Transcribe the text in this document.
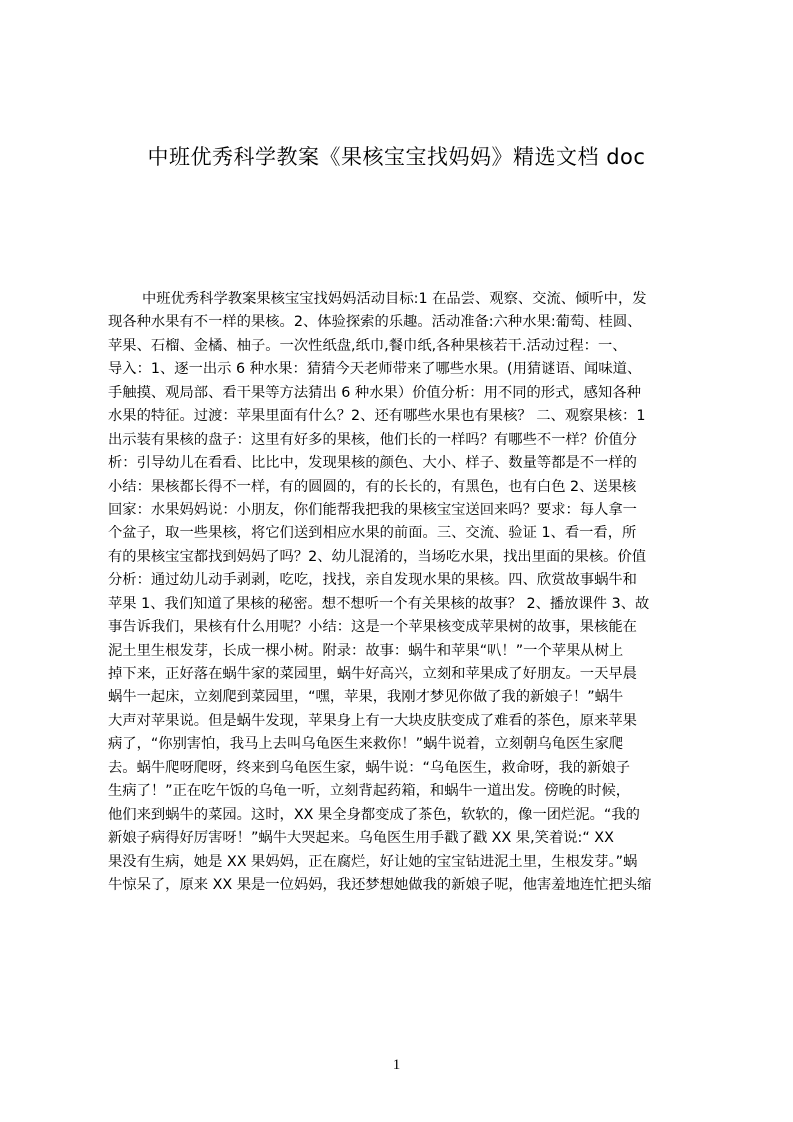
中班优秀科学教案《果核宝宝找妈妈》精选文档 doc
中班优秀科学教案果核宝宝找妈妈活动目标:1 在品尝、观察、交流、倾听中，发
现各种水果有不一样的果核。2、体验探索的乐趣。活动准备:六种水果:葡萄、桂圆、
苹果、石榴、金橘、柚子。一次性纸盘,纸巾,餐巾纸,各种果核若干.活动过程：一、
导入：1、逐一出示 6 种水果：猜猜今天老师带来了哪些水果。(用猜谜语、闻味道、
手触摸、观局部、看干果等方法猜出 6 种水果）价值分析：用不同的形式，感知各种
水果的特征。过渡：苹果里面有什么？2、还有哪些水果也有果核？ 二、观察果核：1
出示装有果核的盘子：这里有好多的果核，他们长的一样吗？有哪些不一样？价值分
析：引导幼儿在看看、比比中，发现果核的颜色、大小、样子、数量等都是不一样的
小结：果核都长得不一样，有的圆圆的，有的长长的，有黑色，也有白色 2、送果核
回家：水果妈妈说：小朋友，你们能帮我把我的果核宝宝送回来吗？要求：每人拿一
个盆子，取一些果核，将它们送到相应水果的前面。三、交流、验证 1、看一看，所
有的果核宝宝都找到妈妈了吗？2、幼儿混淆的，当场吃水果，找出里面的果核。价值
分析：通过幼儿动手剥剥，吃吃，找找，亲自发现水果的果核。四、欣赏故事蜗牛和
苹果 1、我们知道了果核的秘密。想不想听一个有关果核的故事？ 2、播放课件 3、故
事告诉我们，果核有什么用呢？小结：这是一个苹果核变成苹果树的故事，果核能在
泥土里生根发芽，长成一棵小树。附录：故事：蜗牛和苹果“叭！”一个苹果从树上
掉下来，正好落在蜗牛家的菜园里，蜗牛好高兴，立刻和苹果成了好朋友。一天早晨
蜗牛一起床，立刻爬到菜园里，“嘿，苹果，我刚才梦见你做了我的新娘子！”蜗牛
大声对苹果说。但是蜗牛发现，苹果身上有一大块皮肤变成了难看的茶色，原来苹果
病了，“你别害怕，我马上去叫乌龟医生来救你！”蜗牛说着，立刻朝乌龟医生家爬
去。蜗牛爬呀爬呀，终来到乌龟医生家，蜗牛说：“乌龟医生，救命呀，我的新娘子
生病了！”正在吃午饭的乌龟一听，立刻背起药箱，和蜗牛一道出发。傍晚的时候，
他们来到蜗牛的菜园。这时，XX 果全身都变成了茶色，软软的，像一团烂泥。“我的
新娘子病得好厉害呀！”蜗牛大哭起来。乌龟医生用手戳了戳 XX 果,笑着说:“ XX
果没有生病，她是 XX 果妈妈，正在腐烂，好让她的宝宝钻进泥土里，生根发芽。”蜗
牛惊呆了，原来 XX 果是一位妈妈，我还梦想她做我的新娘子呢，他害羞地连忙把头缩
1
